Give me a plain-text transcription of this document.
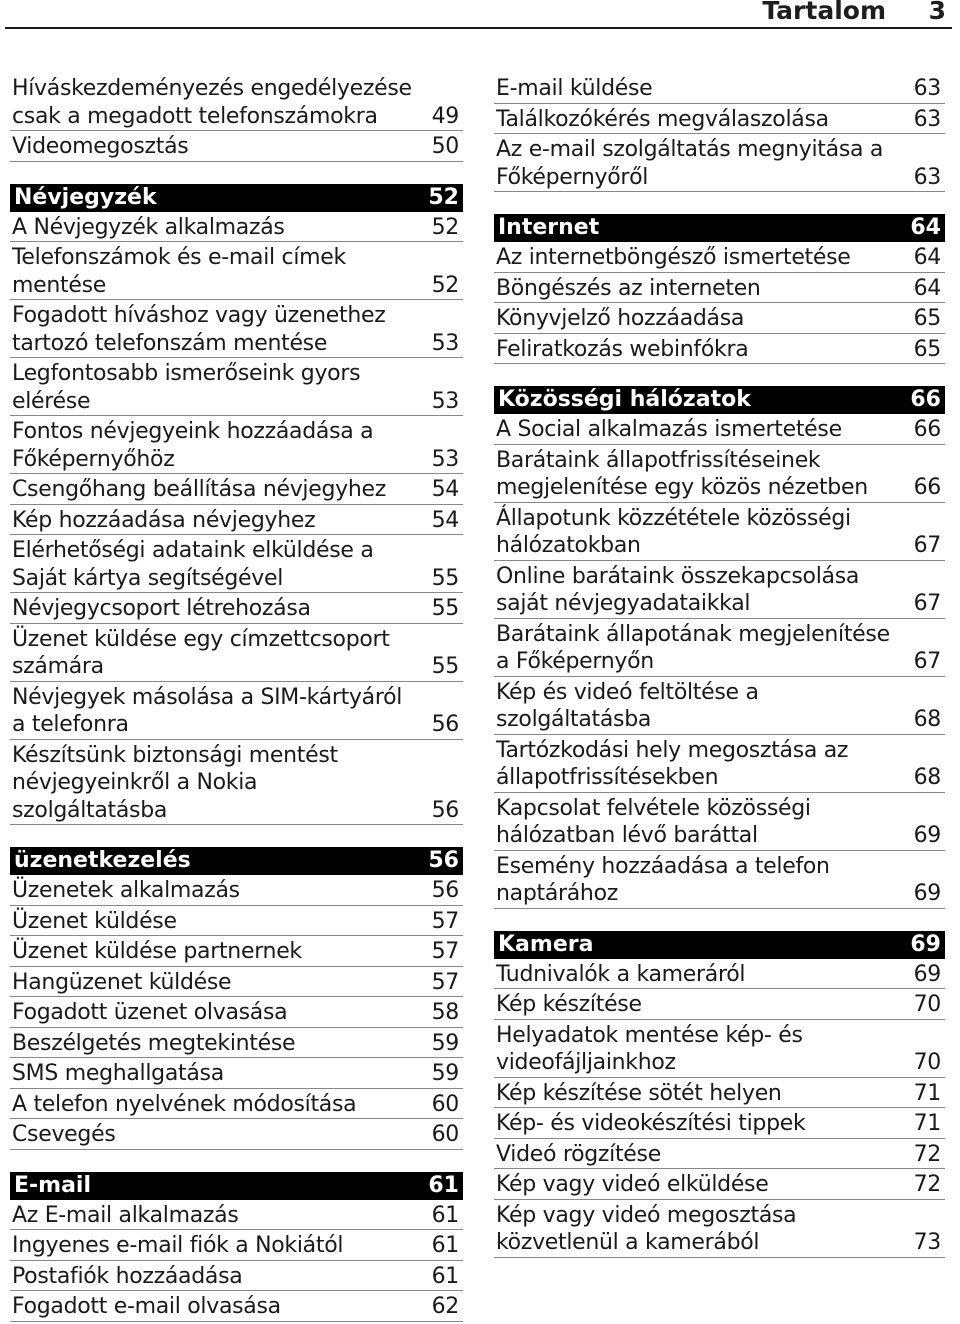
Tartalom 3
Híváskezdeményezés engedélyezése csak a megadott telefonszámokra	49
Videomegosztás	50
Névjegyzék	52
A Névjegyzék alkalmazás	52
Telefonszámok és e-mail címek mentése	52
Fogadott híváshoz vagy üzenethez tartozó telefonszám mentése	53
Legfontosabb ismerőseink gyors elérése	53
Fontos névjegyeink hozzáadása a Főképernyőhöz	53
Csengőhang beállítása névjegyhez	54
Kép hozzáadása névjegyhez	54
Elérhetőségi adataink elküldése a Saját kártya segítségével	55
Névjegycsoport létrehozása	55
Üzenet küldése egy címzettcsoport számára	55
Névjegyek másolása a SIM-kártyáról a telefonra	56
Készítsünk biztonsági mentést névjegyeinkről a Nokia szolgáltatásba	56
üzenetkezelés	56
Üzenetek alkalmazás	56
Üzenet küldése	57
Üzenet küldése partnernek	57
Hangüzenet küldése	57
Fogadott üzenet olvasása	58
Beszélgetés megtekintése	59
SMS meghallgatása	59
A telefon nyelvének módosítása	60
Csevegés	60
E-mail	61
Az E-mail alkalmazás	61
Ingyenes e-mail fiók a Nokiától	61
Postafiók hozzáadása	61
Fogadott e-mail olvasása	62
E-mail küldése	63
Találkozókérés megválaszolása	63
Az e-mail szolgáltatás megnyitása a Főképernyőről	63
Internet	64
Az internetböngésző ismertetése	64
Böngészés az interneten	64
Könyvjelző hozzáadása	65
Feliratkozás webinfókra	65
Közösségi hálózatok	66
A Social alkalmazás ismertetése	66
Barátaink állapotfrissítéseinek megjelenítése egy közös nézetben	66
Állapotunk közzététele közösségi hálózatokban	67
Online barátaink összekapcsolása saját névjegyadataikkal	67
Barátaink állapotának megjelenítése a Főképernyőn	67
Kép és videó feltöltése a szolgáltatásba	68
Tartózkodási hely megosztása az állapotfrissítésekben	68
Kapcsolat felvétele közösségi hálózatban lévő baráttal	69
Esemény hozzáadása a telefon naptárához	69
Kamera	69
Tudnivalók a kameráról	69
Kép készítése	70
Helyadatok mentése kép- és videofájljainkhoz	70
Kép készítése sötét helyen	71
Kép- és videokészítési tippek	71
Videó rögzítése	72
Kép vagy videó elküldése	72
Kép vagy videó megosztása közvetlenül a kamerából	73
